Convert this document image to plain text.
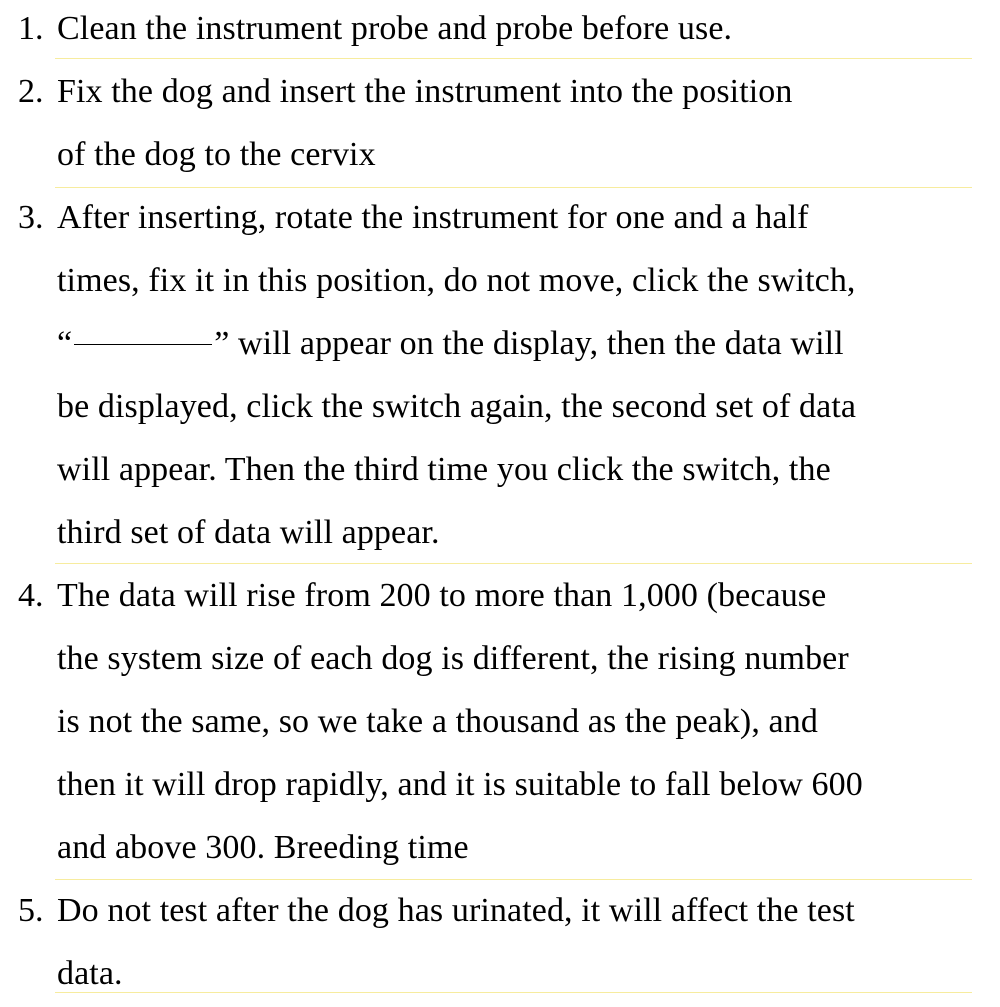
1. Clean the instrument probe and probe before use.
2. Fix the dog and insert the instrument into the position
of the dog to the cervix
3. After inserting, rotate the instrument for one and a half
times, fix it in this position, do not move, click the switch,
“	” will appear on the display, then the data will
be displayed, click the switch again, the second set of data
will appear. Then the third time you click the switch, the
third set of data will appear.
4. The data will rise from 200 to more than 1,000 (because
the system size of each dog is different, the rising number
is not the same, so we take a thousand as the peak), and
then it will drop rapidly, and it is suitable to fall below 600
and above 300. Breeding time
5. Do not test after the dog has urinated, it will affect the test
data.
